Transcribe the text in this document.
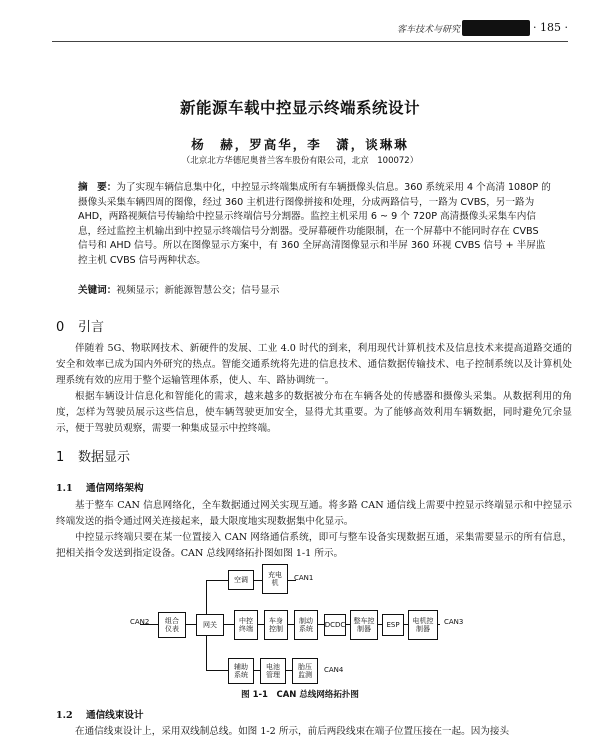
客车技术与研究	· 185 ·
新能源车载中控显示终端系统设计
杨　赫，罗高华，李　潇，谈琳琳
（北京北方华德尼奥普兰客车股份有限公司，北京　100072）
摘　要：为了实现车辆信息集中化，中控显示终端集成所有车辆摄像头信息。360 系统采用 4 个高清 1080P 的摄像头采集车辆四周的图像，经过 360 主机进行图像拼接和处理，分成两路信号，一路为 CVBS，另一路为 AHD，两路视频信号传输给中控显示终端信号分割器。监控主机采用 6 ~ 9 个 720P 高清摄像头采集车内信息，经过监控主机输出到中控显示终端信号分割器。受屏幕硬件功能限制，在一个屏幕中不能同时存在 CVBS 信号和 AHD 信号。所以在图像显示方案中，有 360 全屏高清图像显示和半屏 360 环视 CVBS 信号 + 半屏监控主机 CVBS 信号两种状态。
关键词：视频显示；新能源智慧公交；信号显示
0 引言
伴随着 5G、物联网技术、新硬件的发展、工业 4.0 时代的到来，利用现代计算机技术及信息技术来提高道路交通的安全和效率已成为国内外研究的热点。智能交通系统将先进的信息技术、通信数据传输技术、电子控制系统以及计算机处理系统有效的应用于整个运输管理体系，使人、车、路协调统一。
根据车辆设计信息化和智能化的需求，越来越多的数据被分布在车辆各处的传感器和摄像头采集。从数据利用的角度，怎样为驾驶员展示这些信息，使车辆驾驶更加安全，显得尤其重要。为了能够高效利用车辆数据，同时避免冗余显示，便于驾驶员观察，需要一种集成显示中控终端。
1 数据显示
1.1 通信网络架构
基于整车 CAN 信息网络化，全车数据通过网关实现互通。将多路 CAN 通信线上需要中控显示终端显示和中控显示终端发送的指令通过网关连接起来，最大限度地实现数据集中化显示。
中控显示终端只要在某一位置接入 CAN 网络通信系统，即可与整车设备实现数据互通，采集需要显示的所有信息，把相关指令发送到指定设备。CAN 总线网络拓扑图如图 1-1 所示。
空调
充电
机
CAN1
CAN2	组合
仪表
网关
中控
终端
车身
控制
制动
系统
DCDC
整车控
制器
ESP
电机控
制器
CAN3
辅助
系统
电池
管理
胎压
监测
CAN4
图 1-1　CAN 总线网络拓扑图
1.2 通信线束设计
在通信线束设计上，采用双线制总线。如图 1-2 所示，前后两段线束在端子位置压接在一起。因为接头
